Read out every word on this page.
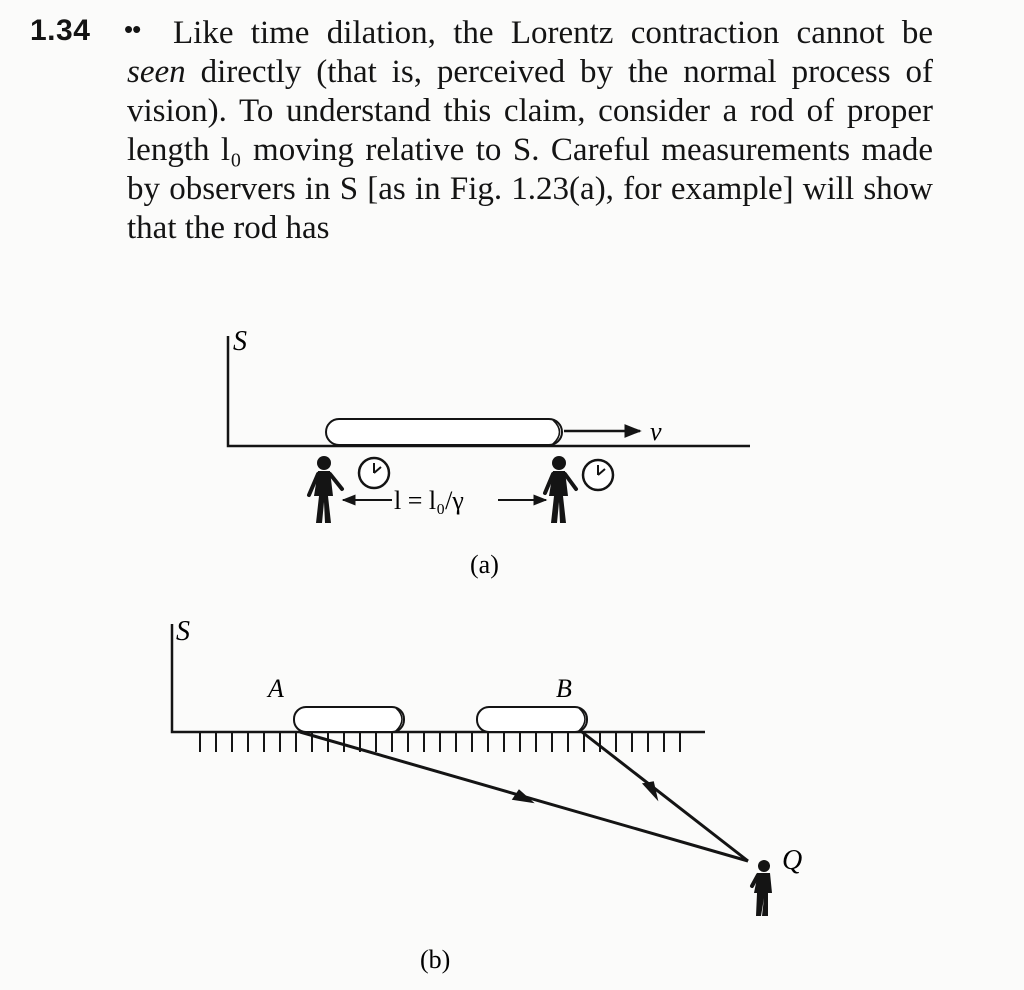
1.34 •• Like time dilation, the Lorentz contraction cannot be seen directly (that is, perceived by the normal process of vision). To understand this claim, consider a rod of proper length l₀ moving relative to S. Careful measurements made by observers in S [as in Fig. 1.23(a), for example] will show that the rod has

S
v
l = l₀/γ
(a)
S
A	B
Q
(b)
